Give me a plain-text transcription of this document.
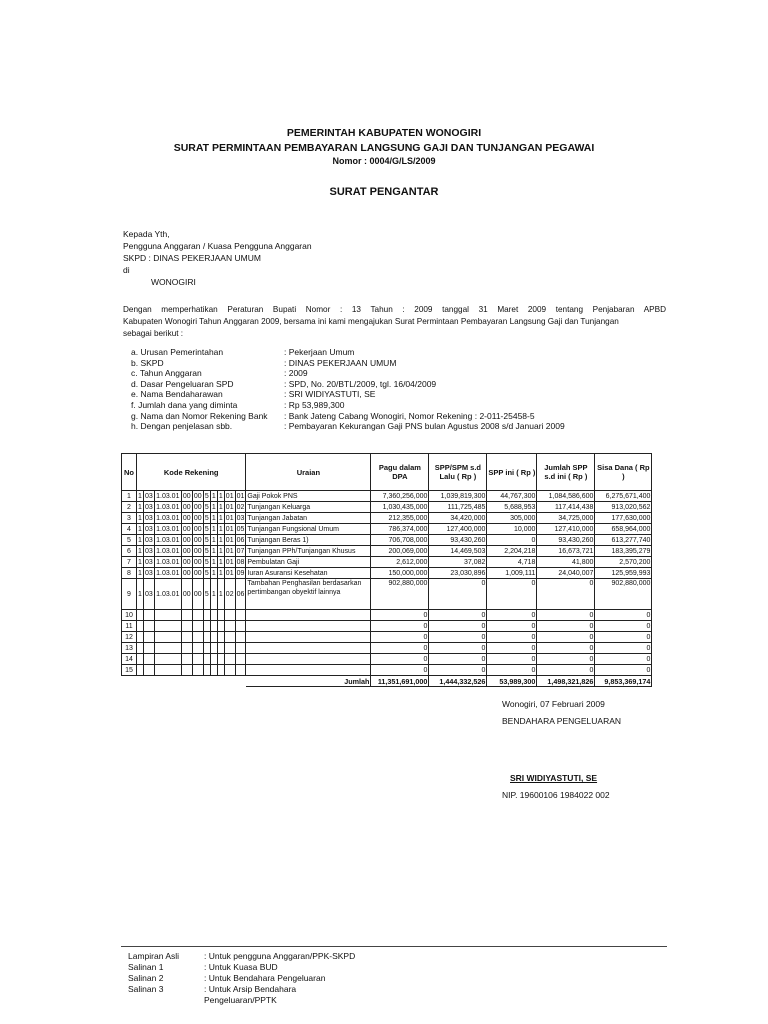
PEMERINTAH KABUPATEN WONOGIRI
SURAT PERMINTAAN PEMBAYARAN LANGSUNG GAJI DAN TUNJANGAN PEGAWAI
Nomor : 0004/G/LS/2009
SURAT PENGANTAR
Kepada Yth,
Pengguna Anggaran / Kuasa Pengguna Anggaran
SKPD : DINAS PEKERJAAN UMUM
di
WONOGIRI
Dengan memperhatikan Peraturan Bupati Nomor : 13 Tahun : 2009 tanggal 31 Maret 2009 tentang Penjabaran APBD
Kabupaten Wonogiri Tahun Anggaran 2009, bersama ini kami mengajukan Surat Permintaan Pembayaran Langsung Gaji dan Tunjangan
sebagai berikut :
a. Urusan Pemerintahan	: Pekerjaan Umum
b. SKPD	: DINAS PEKERJAAN UMUM
c. Tahun Anggaran	: 2009
d. Dasar Pengeluaran SPD	: SPD, No. 20/BTL/2009, tgl. 16/04/2009
e. Nama Bendaharawan	: SRI WIDIYASTUTI, SE
f. Jumlah dana yang diminta	: Rp 53,989,300
g. Nama dan Nomor Rekening Bank : Bank Jateng Cabang Wonogiri, Nomor Rekening : 2-011-25458-5
h. Dengan penjelasan sbb.	: Pembayaran Kekurangan Gaji PNS bulan Agustus 2008 s/d Januari 2009
No	Kode Rekening										Uraian	Pagu dalam DPA	SPP/SPM s.d Lalu ( Rp )	SPP ini ( Rp )	Jumlah SPP s.d ini ( Rp )	Sisa Dana ( Rp )
1	1	03	1.03.01	00	00	5	1	1	01	01	Gaji Pokok PNS	7,360,256,000	1,039,819,300	44,767,300	1,084,586,600	6,275,671,400
2	1	03	1.03.01	00	00	5	1	1	01	02	Tunjangan Keluarga	1,030,435,000	111,725,485	5,688,953	117,414,438	913,020,562
3	1	03	1.03.01	00	00	5	1	1	01	03	Tunjangan Jabatan	212,355,000	34,420,000	305,000	34,725,000	177,630,000
4	1	03	1.03.01	00	00	5	1	1	01	05	Tunjangan Fungsional Umum	786,374,000	127,400,000	10,000	127,410,000	658,964,000
5	1	03	1.03.01	00	00	5	1	1	01	06	Tunjangan Beras 1)	706,708,000	93,430,260	0	93,430,260	613,277,740
6	1	03	1.03.01	00	00	5	1	1	01	07	Tunjangan PPh/Tunjangan Khusus	200,069,000	14,469,503	2,204,218	16,673,721	183,395,279
7	1	03	1.03.01	00	00	5	1	1	01	08	Pembulatan Gaji	2,612,000	37,082	4,718	41,800	2,570,200
8	1	03	1.03.01	00	00	5	1	1	01	09	Iuran Asuransi Kesehatan	150,000,000	23,030,896	1,009,111	24,040,007	125,959,993
9	1	03	1.03.01	00	00	5	1	1	02	06	Tambahan Penghasilan berdasarkan pertimbangan obyektif lainnya	902,880,000	0	0	0	902,880,000
10												0	0	0	0	0
11												0	0	0	0	0
12												0	0	0	0	0
13												0	0	0	0	0
14												0	0	0	0	0
15												0	0	0	0	0
											Jumlah	11,351,691,000	1,444,332,526	53,989,300	1,498,321,826	9,853,369,174
Wonogiri, 07 Februari 2009
BENDAHARA PENGELUARAN
SRI WIDIYASTUTI, SE
NIP. 19600106 1984022 002
Lampiran Asli	: Untuk pengguna Anggaran/PPK-SKPD
Salinan 1	: Untuk Kuasa BUD
Salinan 2	: Untuk Bendahara Pengeluaran
Salinan 3	: Untuk Arsip Bendahara
Pengeluaran/PPTK
